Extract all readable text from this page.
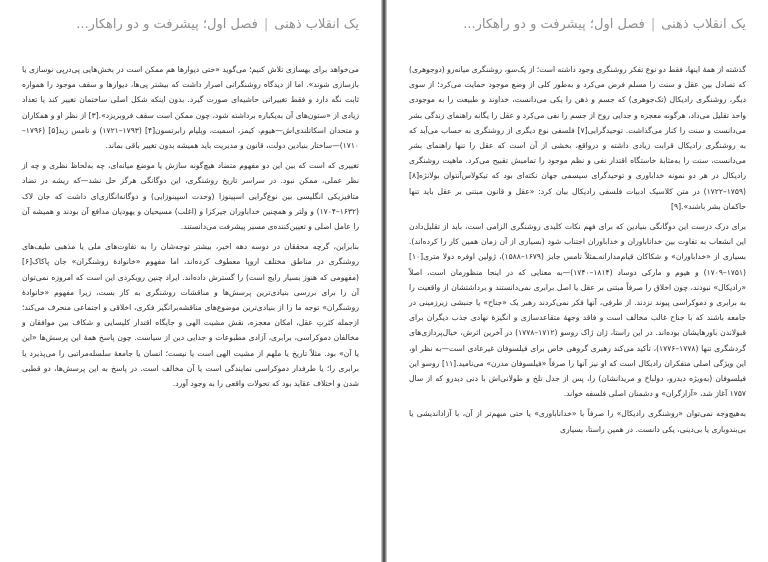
یک انقلاب ذهنی|فصل اول؛ پیشرفت و دو راهکار...

می‌خواهد برای بهسازی تلاش کنیم؛ می‌گوید «حتی دیوارها هم ممکن است در بخش‌هایی پی‌درپی نوسازی یا بازسازی شوند». اما از دیدگاه روشنگرانی اصرار داشت که بیشتر پی‌ها، دیوارها و سقف موجود را همواره ثابت نگه دارد و فقط تغییراتی حاشیه‌ای صورت گیرد. بدون اینکه شکل اصلی ساختمان تغییر کند یا تعداد زیادی از «ستون‌های آن به‌یکباره برداشته شود، چون ممکن است سقف فروبریزد».[۳] از نظر او و همکاران و متحدان اسکاتلندی‌اش—هیوم، کیمز، اسمیت، ویلیام رابرتسون[۴] (۱۷۹۳–۱۷۲۱) و تامس رید[۵] (۱۷۹۶–۱۷۱۰)—ساختار بنیادین دولت، قانون و مدیریت باید همیشه بدون تغییر باقی بماند.

تغییری که است که بین این دو مفهوم متضاد هیچ‌گونه سازش یا موضع میانه‌ای، چه به‌لحاظ نظری و چه از نظر عملی، ممکن نبود. در سراسر تاریخ روشنگری، این دوگانگی هرگز حل نشد—که ریشه در تضاد متافیزیکی انگلیسی بین نوع‌گرایی اسپینوزا (وحدت اسپینوزایی) و دوگانه‌انگاری‌ای داشت که جان لاک (۱۶۳۲–۱۷۰۴) و ولتر و همچنین خداباوران جیرکزا و (اغلب) مسیحیان و یهودیان مدافع آن بودند و همیشه آن را عامل اصلی و تعیین‌کننده‌ی مسیر پیشرفت می‌دانستند.

بنابراین، گرچه محققان در دوسه دهه اخیر، بیشتر توجه‌شان را به تفاوت‌های ملی یا مذهبی طیف‌های روشنگری در مناطق مختلف اروپا معطوف کرده‌اند، اما مفهوم «خانوادهٔ روشنگران» جان پاکاک[۶] (مفهومی که هنوز بسیار رایج است) را گسترش داده‌اند. ایراد چنین رویکردی این است که امروزه نمی‌توان آن را برای بررسی بنیادی‌ترین پرسش‌ها و مناقشات روشنگری به کار بست، زیرا مفهوم «خانوادهٔ روشنگران» توجه ما را از بنیادی‌ترین موضوع‌های مناقشه‌برانگیز فکری، اخلاقی و اجتماعی منحرف می‌کند؛ ازجمله کثرتِ عقل، امکان معجزه، نقش مشیت الهی و جایگاه اقتدار کلیسایی و شکاف بین موافقان و مخالفان دموکراسی، برابری، آزادی مطبوعات و جدایی دین از سیاست. چون پاسخ همهٔ این پرسش‌ها «این یا آن» بود. مثلاً تاریخ یا ملهم از مشیت الهی است یا نیست؛ انسان یا جامعهٔ سلسله‌مراتبی را می‌پذیرد یا برابری را؛ یا طرفدار دموکراسی نمایندگی است یا آن مخالف است. در پاسخ به این پرسش‌ها، دو قطبی شدن و اختلاف عقاید بود که تحولات واقعی را به وجود آورد.

یک انقلاب ذهنی|فصل اول؛ پیشرفت و دو راهکار...

گذشته از همهٔ اینها، فقط دو نوع تفکر روشنگری وجود داشته است؛ از یک‌سو، روشنگری میانه‌رو (دوجوهری) که تصادل بین عقل و سنت را مسلم فرض می‌کرد و به‌طور کلی از وضع موجود حمایت می‌کرد؛ از سوی دیگر، روشنگری رادیکال (تک‌جوهری) که جسم و ذهن را یکی می‌دانست، خداوند و طبیعت را به موجودی واحد تقلیل می‌داد، هرگونه معجزه و جدایی روح از جسم را نفی می‌کرد و عقل را یگانه راهنمای زندگی بشر می‌دانست و سنت را کنار می‌گذاشت. توحیدگرایی[۷] فلسفی نوع دیگری از روشنگری به حساب می‌آید که به روشنگری رادیکال قرابت زیادی داشته و درواقع، بخشی از آن است که عقل را تنها راهنمای بشر می‌دانست، سنت را به‌مثابهٔ خاستگاه اقتدار نفی و نظم موجود را تمامیش تقبیح می‌کرد. ماهیت روشنگری رادیکال در هر دو نمونه خداباوری و توحیدگرای سیسمی جهان نکته‌ای بود که تیکولاس‌آنتوان بولانژه[۸] (۱۷۵۹–۱۷۲۲) در متن کلاسیک ادبیات فلسفی رادیکال بیان کرد: «عقل و قانون مبتنی بر عقل باید تنها حاکمان بشر باشند».[۹]

برای درک درست این دوگانگی بنیادین که برای فهم نکات کلیدی روشنگری الزامی است، باید از تقلیل‌دادن این انشعاب به تفاوت بین خداناباوران و خداباوران اجتناب شود (بسیاری از آن زمان همین کار را کرده‌اند). بسیاری از «خداباوران» و شکاکان قیام‌مدارانه‌ـمثلاً تامس جابز (۱۶۷۹–۱۵۸۸)، ژولین اوفره دولا متری[۱۰] (۱۷۵۱–۱۷۰۹) و هیوم و مارکی دوساد (۱۸۱۴–۱۷۴۰)—به معنایی که در اینجا منظورمان است، اصلاً «رادیکال» نبودند، چون اخلاق را صرفاً مبتنی بر عقل یا اصل برابری نمی‌دانستند و برداشتشان از واقعیت را به برابری و دموکراسی پیوند نزدند. از طرفی، آنها فکر نمی‌کردند رهبر یک «جناح» یا جنبشی زیرزمینی در جامعه باشند که با جناح غالب مخالف است و فاقد وجههٔ متقاعدسازی و انگیزهٔ نهادی جذب دیگران برای قبولاندن باورهایشان بوده‌اند. در این راستا، ژان ژاک روسو (۱۷۱۲–۱۷۷۸) در آخرین اثرش، خیال‌پردازی‌های گردشگری تنها (۱۷۷۸–۱۷۷۶)، تأکید می‌کند رهبری گروهی خاص برای فیلسوفان غیرعادی است—به نظر او، این ویژگی اصلی متفکران رادیکال است که او نیز آنها را صرفاً «فیلسوفان مدرن» می‌نامید.[۱۱] روسو این فیلسوفان (به‌ویژه دیدرو، دولباخ و مریدانشان) را، پس از جدل تلخ و طولانی‌اش با دنی دیدرو که از سال ۱۷۵۷ آغاز شد، «آزارگران» و دشمنان اصلی فلسفه خواند.

به‌هیچ‌وجه نمی‌توان «روشنگری رادیکال» را صرفاً با «خداناباوری» یا حتی مبهم‌تر از آن، با آزاداندیشی یا بی‌بندوباری یا بی‌دینی، یکی دانست. در همین راستا، بسیاری
